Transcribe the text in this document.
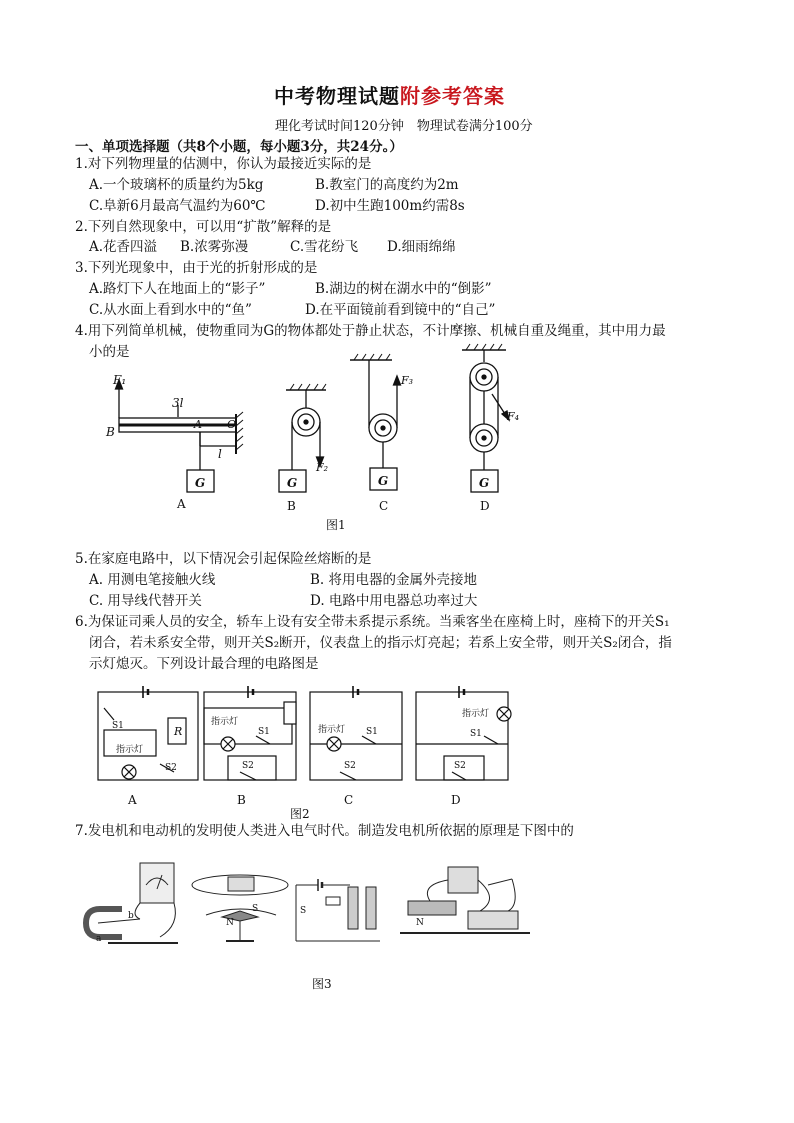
中考物理试题附参考答案
理化考试时间120分钟　物理试卷满分100分
一、单项选择题（共8个小题，每小题3分，共24分。）
1.对下列物理量的估测中，你认为最接近实际的是
A.一个玻璃杯的质量约为5kg	B.教室门的高度约为2m
C.阜新6月最高气温约为60℃	D.初中生跑100m约需8s
2.下列自然现象中，可以用“扩散”解释的是
A.花香四溢 B.浓雾弥漫	C.雪花纷飞 D.细雨绵绵
3.下列光现象中，由于光的折射形成的是
A.路灯下人在地面上的“影子”	B.湖边的树在湖水中的“倒影”
C.从水面上看到水中的“鱼”	D.在平面镜前看到镜中的“自己”
4.用下列简单机械，使物重同为G的物体都处于静止状态，不计摩擦、机械自重及绳重，其中用力最
小的是
F₁
B
3l
A O
l
F₂
F₃
F₄
G	G	G	G
A	B	C	D
图1
5.在家庭电路中，以下情况会引起保险丝熔断的是
A. 用测电笔接触火线	B. 将用电器的金属外壳接地
C. 用导线代替开关	D. 电路中用电器总功率过大
6.为保证司乘人员的安全，轿车上设有安全带未系提示系统。当乘客坐在座椅上时，座椅下的开关S₁
闭合，若未系安全带，则开关S₂断开，仪表盘上的指示灯亮起；若系上安全带，则开关S₂闭合，指
示灯熄灭。下列设计最合理的电路图是
指示灯
S1
S2
R
指示灯
S1
S2
指示灯 S1
S2
指示灯
S1
S2
A	B	C	D
图2
7.发电机和电动机的发明使人类进入电气时代。制造发电机所依据的原理是下图中的
b
a
N
S	S
N
图3
